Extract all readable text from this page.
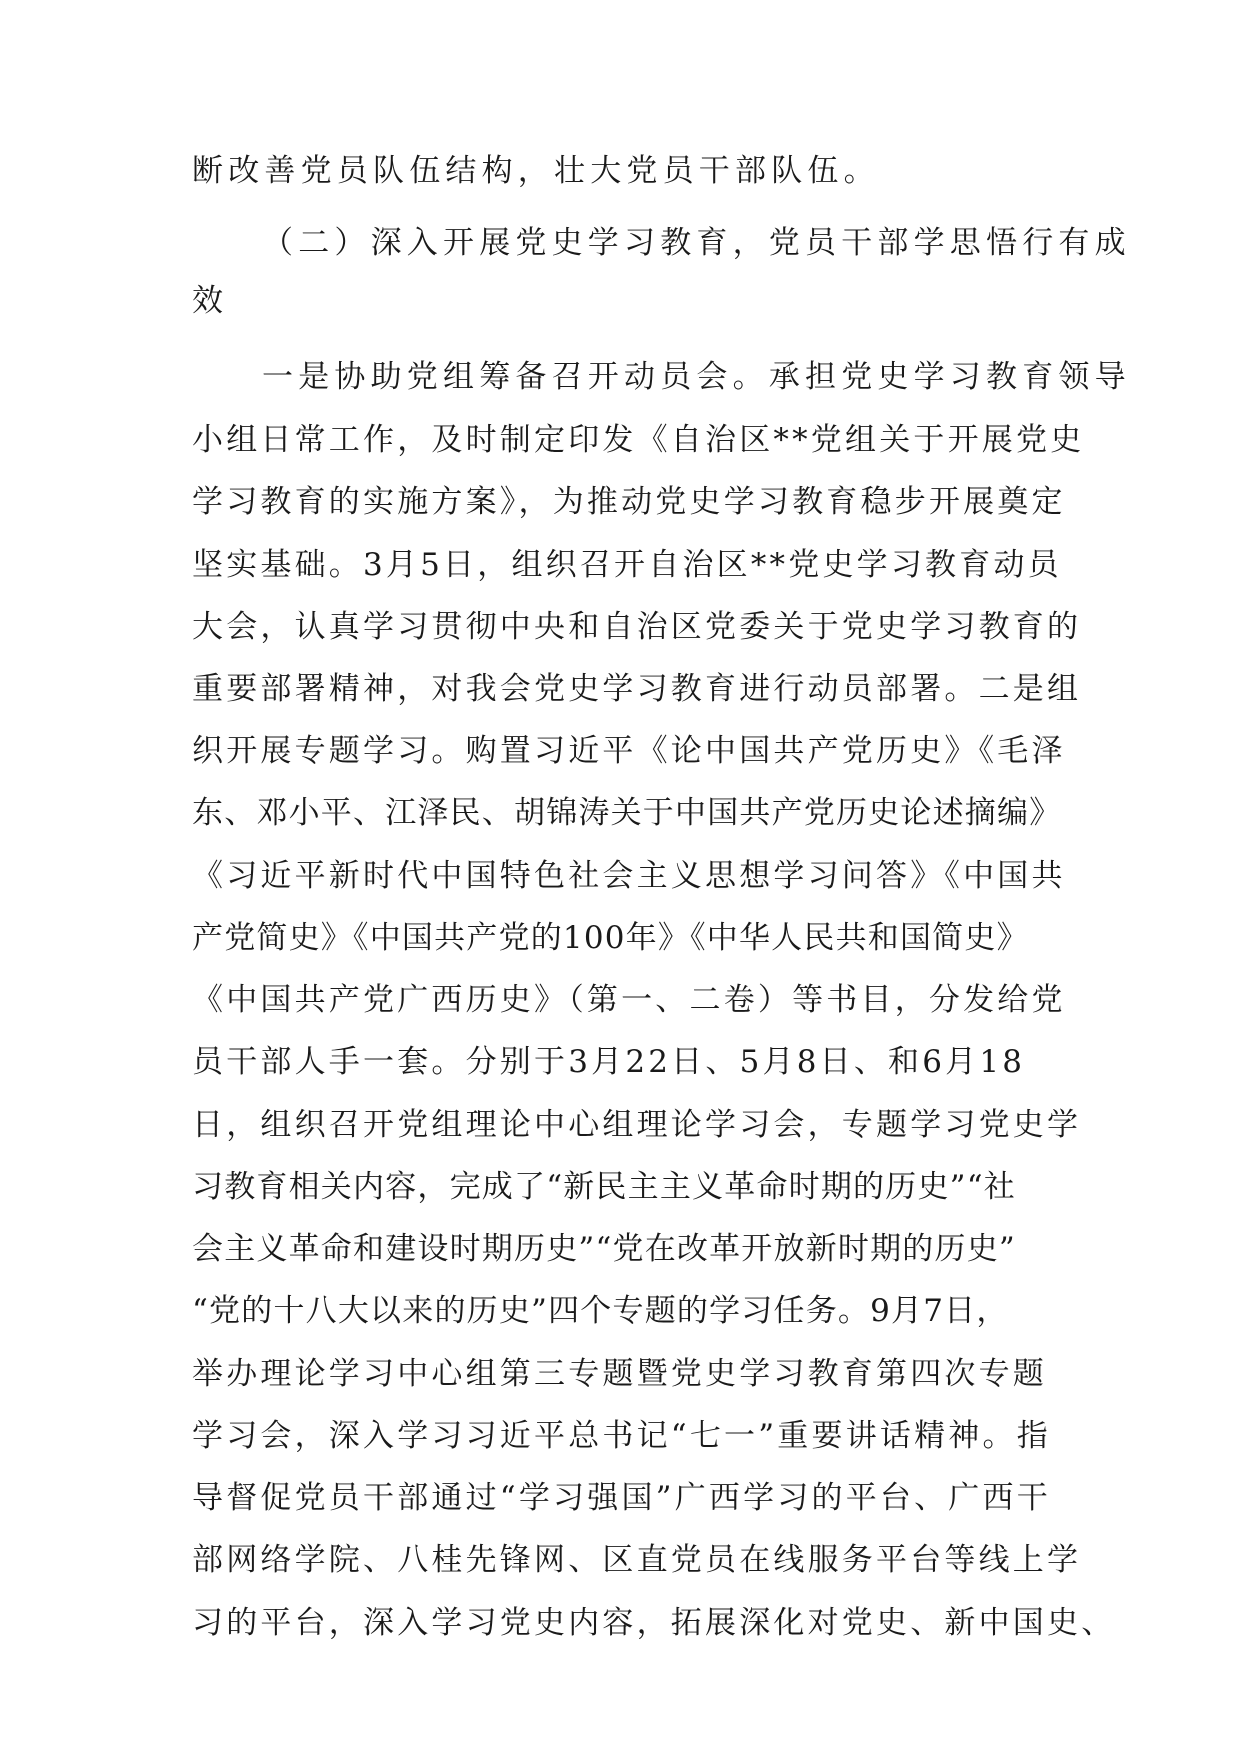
断改善党员队伍结构，壮大党员干部队伍。
（二）深入开展党史学习教育，党员干部学思悟行有成
效
一是协助党组筹备召开动员会。承担党史学习教育领导
小组日常工作，及时制定印发《自治区**党组关于开展党史
学习教育的实施方案》，为推动党史学习教育稳步开展奠定
坚实基础。3月5日，组织召开自治区**党史学习教育动员
大会，认真学习贯彻中央和自治区党委关于党史学习教育的
重要部署精神，对我会党史学习教育进行动员部署。二是组
织开展专题学习。购置习近平《论中国共产党历史》《毛泽
东、邓小平、江泽民、胡锦涛关于中国共产党历史论述摘编》
《习近平新时代中国特色社会主义思想学习问答》《中国共
产党简史》《中国共产党的100年》《中华人民共和国简史》
《中国共产党广西历史》（第一、二卷）等书目，分发给党
员干部人手一套。分别于3月22日、5月8日、和6月18
日，组织召开党组理论中心组理论学习会，专题学习党史学
习教育相关内容，完成了“新民主主义革命时期的历史”“社
会主义革命和建设时期历史”“党在改革开放新时期的历史”
“党的十八大以来的历史”四个专题的学习任务。9月7日，
举办理论学习中心组第三专题暨党史学习教育第四次专题
学习会，深入学习习近平总书记“七一”重要讲话精神。指
导督促党员干部通过“学习强国”广西学习的平台、广西干
部网络学院、八桂先锋网、区直党员在线服务平台等线上学
习的平台，深入学习党史内容，拓展深化对党史、新中国史、
